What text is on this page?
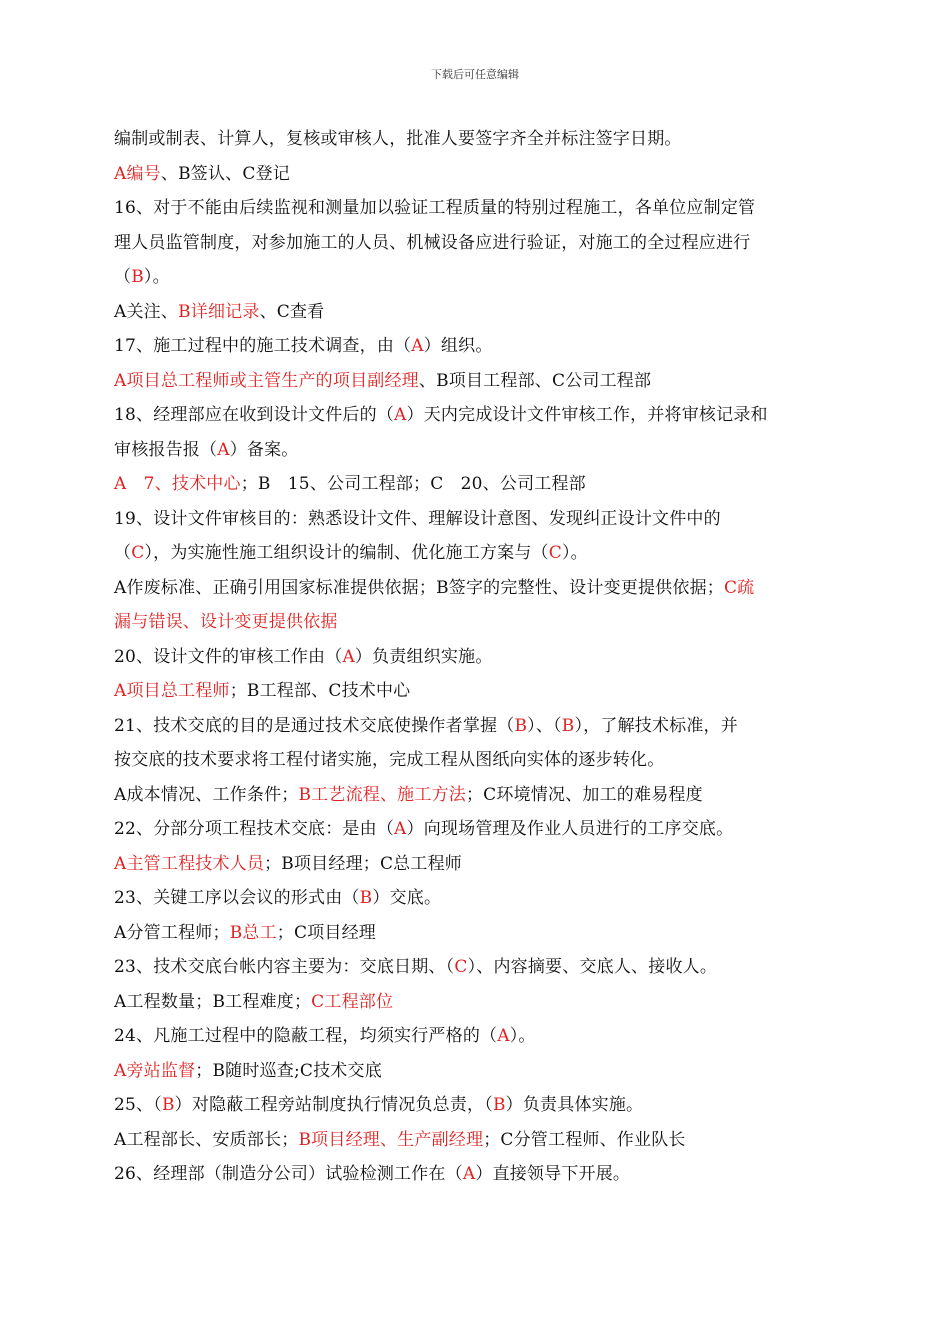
下载后可任意编辑
编制或制表、计算人，复核或审核人，批准人要签字齐全并标注签字日期。
A编号、B签认、C登记
16、对于不能由后续监视和测量加以验证工程质量的特别过程施工，各单位应制定管
理人员监管制度，对参加施工的人员、机械设备应进行验证，对施工的全过程应进行
（B）。
A关注、B详细记录、C查看
17、施工过程中的施工技术调查，由（A）组织。
A项目总工程师或主管生产的项目副经理、B项目工程部、C公司工程部
18、经理部应在收到设计文件后的（A）天内完成设计文件审核工作，并将审核记录和
审核报告报（A）备案。
A　7、技术中心；B　15、公司工程部；C　20、公司工程部
19、设计文件审核目的：熟悉设计文件、理解设计意图、发现纠正设计文件中的
（C），为实施性施工组织设计的编制、优化施工方案与（C）。
A作废标准、正确引用国家标准提供依据；B签字的完整性、设计变更提供依据；C疏
漏与错误、设计变更提供依据
20、设计文件的审核工作由（A）负责组织实施。
A项目总工程师；B工程部、C技术中心
21、技术交底的目的是通过技术交底使操作者掌握（B）、（B），了解技术标准，并
按交底的技术要求将工程付诸实施，完成工程从图纸向实体的逐步转化。
A成本情况、工作条件；B工艺流程、施工方法；C环境情况、加工的难易程度
22、分部分项工程技术交底：是由（A）向现场管理及作业人员进行的工序交底。
A主管工程技术人员；B项目经理；C总工程师
23、关键工序以会议的形式由（B）交底。
A分管工程师；B总工；C项目经理
23、技术交底台帐内容主要为：交底日期、（C）、内容摘要、交底人、接收人。
A工程数量；B工程难度；C工程部位
24、凡施工过程中的隐蔽工程，均须实行严格的（A）。
A旁站监督；B随时巡查;C技术交底
25、（B）对隐蔽工程旁站制度执行情况负总责，（B）负责具体实施。
A工程部长、安质部长；B项目经理、生产副经理；C分管工程师、作业队长
26、经理部（制造分公司）试验检测工作在（A）直接领导下开展。
